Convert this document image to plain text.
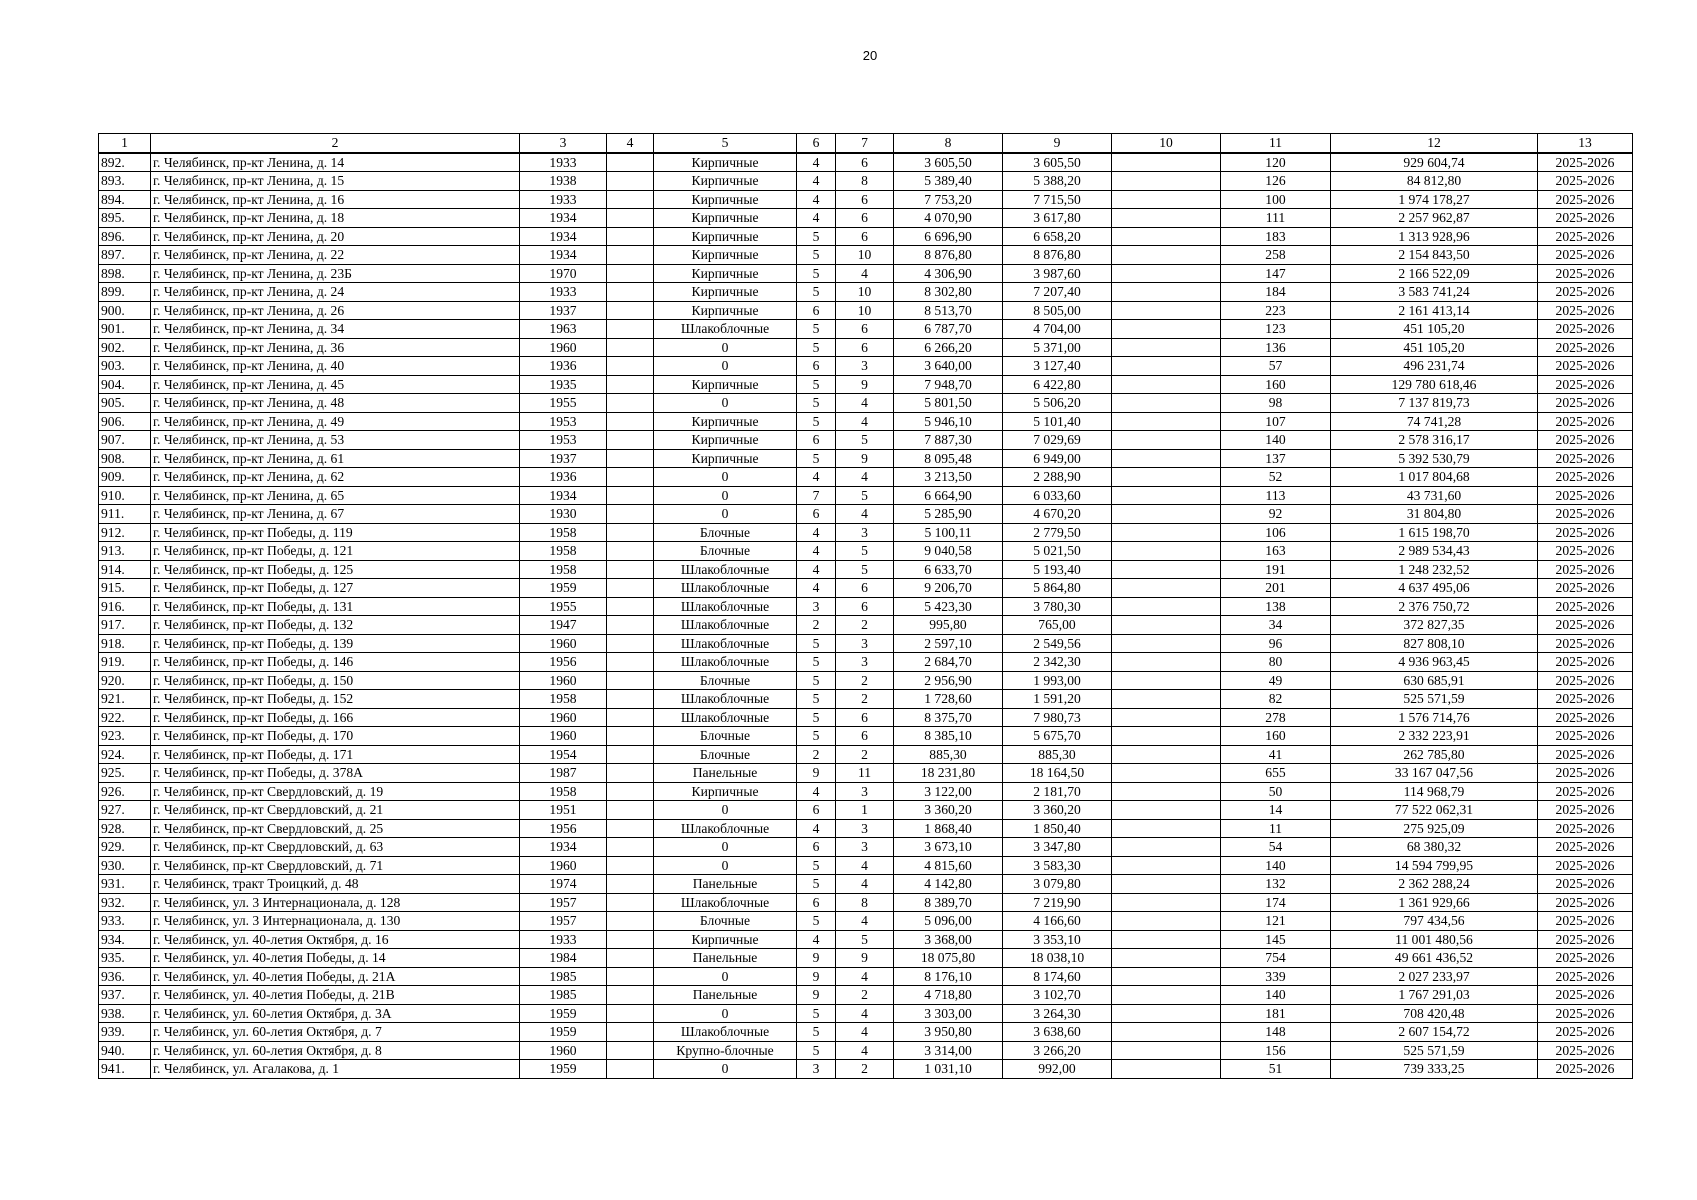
20
1	2	3	4	5	6	7	8	9	10	11	12	13
892.	г. Челябинск, пр-кт Ленина, д. 14	1933		Кирпичные	4	6	3 605,50	3 605,50		120	929 604,74	2025-2026
893.	г. Челябинск, пр-кт Ленина, д. 15	1938		Кирпичные	4	8	5 389,40	5 388,20		126	84 812,80	2025-2026
894.	г. Челябинск, пр-кт Ленина, д. 16	1933		Кирпичные	4	6	7 753,20	7 715,50		100	1 974 178,27	2025-2026
895.	г. Челябинск, пр-кт Ленина, д. 18	1934		Кирпичные	4	6	4 070,90	3 617,80		111	2 257 962,87	2025-2026
896.	г. Челябинск, пр-кт Ленина, д. 20	1934		Кирпичные	5	6	6 696,90	6 658,20		183	1 313 928,96	2025-2026
897.	г. Челябинск, пр-кт Ленина, д. 22	1934		Кирпичные	5	10	8 876,80	8 876,80		258	2 154 843,50	2025-2026
898.	г. Челябинск, пр-кт Ленина, д. 23Б	1970		Кирпичные	5	4	4 306,90	3 987,60		147	2 166 522,09	2025-2026
899.	г. Челябинск, пр-кт Ленина, д. 24	1933		Кирпичные	5	10	8 302,80	7 207,40		184	3 583 741,24	2025-2026
900.	г. Челябинск, пр-кт Ленина, д. 26	1937		Кирпичные	6	10	8 513,70	8 505,00		223	2 161 413,14	2025-2026
901.	г. Челябинск, пр-кт Ленина, д. 34	1963		Шлакоблочные	5	6	6 787,70	4 704,00		123	451 105,20	2025-2026
902.	г. Челябинск, пр-кт Ленина, д. 36	1960		0	5	6	6 266,20	5 371,00		136	451 105,20	2025-2026
903.	г. Челябинск, пр-кт Ленина, д. 40	1936		0	6	3	3 640,00	3 127,40		57	496 231,74	2025-2026
904.	г. Челябинск, пр-кт Ленина, д. 45	1935		Кирпичные	5	9	7 948,70	6 422,80		160	129 780 618,46	2025-2026
905.	г. Челябинск, пр-кт Ленина, д. 48	1955		0	5	4	5 801,50	5 506,20		98	7 137 819,73	2025-2026
906.	г. Челябинск, пр-кт Ленина, д. 49	1953		Кирпичные	5	4	5 946,10	5 101,40		107	74 741,28	2025-2026
907.	г. Челябинск, пр-кт Ленина, д. 53	1953		Кирпичные	6	5	7 887,30	7 029,69		140	2 578 316,17	2025-2026
908.	г. Челябинск, пр-кт Ленина, д. 61	1937		Кирпичные	5	9	8 095,48	6 949,00		137	5 392 530,79	2025-2026
909.	г. Челябинск, пр-кт Ленина, д. 62	1936		0	4	4	3 213,50	2 288,90		52	1 017 804,68	2025-2026
910.	г. Челябинск, пр-кт Ленина, д. 65	1934		0	7	5	6 664,90	6 033,60		113	43 731,60	2025-2026
911.	г. Челябинск, пр-кт Ленина, д. 67	1930		0	6	4	5 285,90	4 670,20		92	31 804,80	2025-2026
912.	г. Челябинск, пр-кт Победы, д. 119	1958		Блочные	4	3	5 100,11	2 779,50		106	1 615 198,70	2025-2026
913.	г. Челябинск, пр-кт Победы, д. 121	1958		Блочные	4	5	9 040,58	5 021,50		163	2 989 534,43	2025-2026
914.	г. Челябинск, пр-кт Победы, д. 125	1958		Шлакоблочные	4	5	6 633,70	5 193,40		191	1 248 232,52	2025-2026
915.	г. Челябинск, пр-кт Победы, д. 127	1959		Шлакоблочные	4	6	9 206,70	5 864,80		201	4 637 495,06	2025-2026
916.	г. Челябинск, пр-кт Победы, д. 131	1955		Шлакоблочные	3	6	5 423,30	3 780,30		138	2 376 750,72	2025-2026
917.	г. Челябинск, пр-кт Победы, д. 132	1947		Шлакоблочные	2	2	995,80	765,00		34	372 827,35	2025-2026
918.	г. Челябинск, пр-кт Победы, д. 139	1960		Шлакоблочные	5	3	2 597,10	2 549,56		96	827 808,10	2025-2026
919.	г. Челябинск, пр-кт Победы, д. 146	1956		Шлакоблочные	5	3	2 684,70	2 342,30		80	4 936 963,45	2025-2026
920.	г. Челябинск, пр-кт Победы, д. 150	1960		Блочные	5	2	2 956,90	1 993,00		49	630 685,91	2025-2026
921.	г. Челябинск, пр-кт Победы, д. 152	1958		Шлакоблочные	5	2	1 728,60	1 591,20		82	525 571,59	2025-2026
922.	г. Челябинск, пр-кт Победы, д. 166	1960		Шлакоблочные	5	6	8 375,70	7 980,73		278	1 576 714,76	2025-2026
923.	г. Челябинск, пр-кт Победы, д. 170	1960		Блочные	5	6	8 385,10	5 675,70		160	2 332 223,91	2025-2026
924.	г. Челябинск, пр-кт Победы, д. 171	1954		Блочные	2	2	885,30	885,30		41	262 785,80	2025-2026
925.	г. Челябинск, пр-кт Победы, д. 378А	1987		Панельные	9	11	18 231,80	18 164,50		655	33 167 047,56	2025-2026
926.	г. Челябинск, пр-кт Свердловский, д. 19	1958		Кирпичные	4	3	3 122,00	2 181,70		50	114 968,79	2025-2026
927.	г. Челябинск, пр-кт Свердловский, д. 21	1951		0	6	1	3 360,20	3 360,20		14	77 522 062,31	2025-2026
928.	г. Челябинск, пр-кт Свердловский, д. 25	1956		Шлакоблочные	4	3	1 868,40	1 850,40		11	275 925,09	2025-2026
929.	г. Челябинск, пр-кт Свердловский, д. 63	1934		0	6	3	3 673,10	3 347,80		54	68 380,32	2025-2026
930.	г. Челябинск, пр-кт Свердловский, д. 71	1960		0	5	4	4 815,60	3 583,30		140	14 594 799,95	2025-2026
931.	г. Челябинск, тракт Троицкий, д. 48	1974		Панельные	5	4	4 142,80	3 079,80		132	2 362 288,24	2025-2026
932.	г. Челябинск, ул. 3 Интернационала, д. 128	1957		Шлакоблочные	6	8	8 389,70	7 219,90		174	1 361 929,66	2025-2026
933.	г. Челябинск, ул. 3 Интернационала, д. 130	1957		Блочные	5	4	5 096,00	4 166,60		121	797 434,56	2025-2026
934.	г. Челябинск, ул. 40-летия Октября, д. 16	1933		Кирпичные	4	5	3 368,00	3 353,10		145	11 001 480,56	2025-2026
935.	г. Челябинск, ул. 40-летия Победы, д. 14	1984		Панельные	9	9	18 075,80	18 038,10		754	49 661 436,52	2025-2026
936.	г. Челябинск, ул. 40-летия Победы, д. 21А	1985		0	9	4	8 176,10	8 174,60		339	2 027 233,97	2025-2026
937.	г. Челябинск, ул. 40-летия Победы, д. 21В	1985		Панельные	9	2	4 718,80	3 102,70		140	1 767 291,03	2025-2026
938.	г. Челябинск, ул. 60-летия Октября, д. 3А	1959		0	5	4	3 303,00	3 264,30		181	708 420,48	2025-2026
939.	г. Челябинск, ул. 60-летия Октября, д. 7	1959		Шлакоблочные	5	4	3 950,80	3 638,60		148	2 607 154,72	2025-2026
940.	г. Челябинск, ул. 60-летия Октября, д. 8	1960		Крупно-блочные	5	4	3 314,00	3 266,20		156	525 571,59	2025-2026
941.	г. Челябинск, ул. Агалакова, д. 1	1959		0	3	2	1 031,10	992,00		51	739 333,25	2025-2026
